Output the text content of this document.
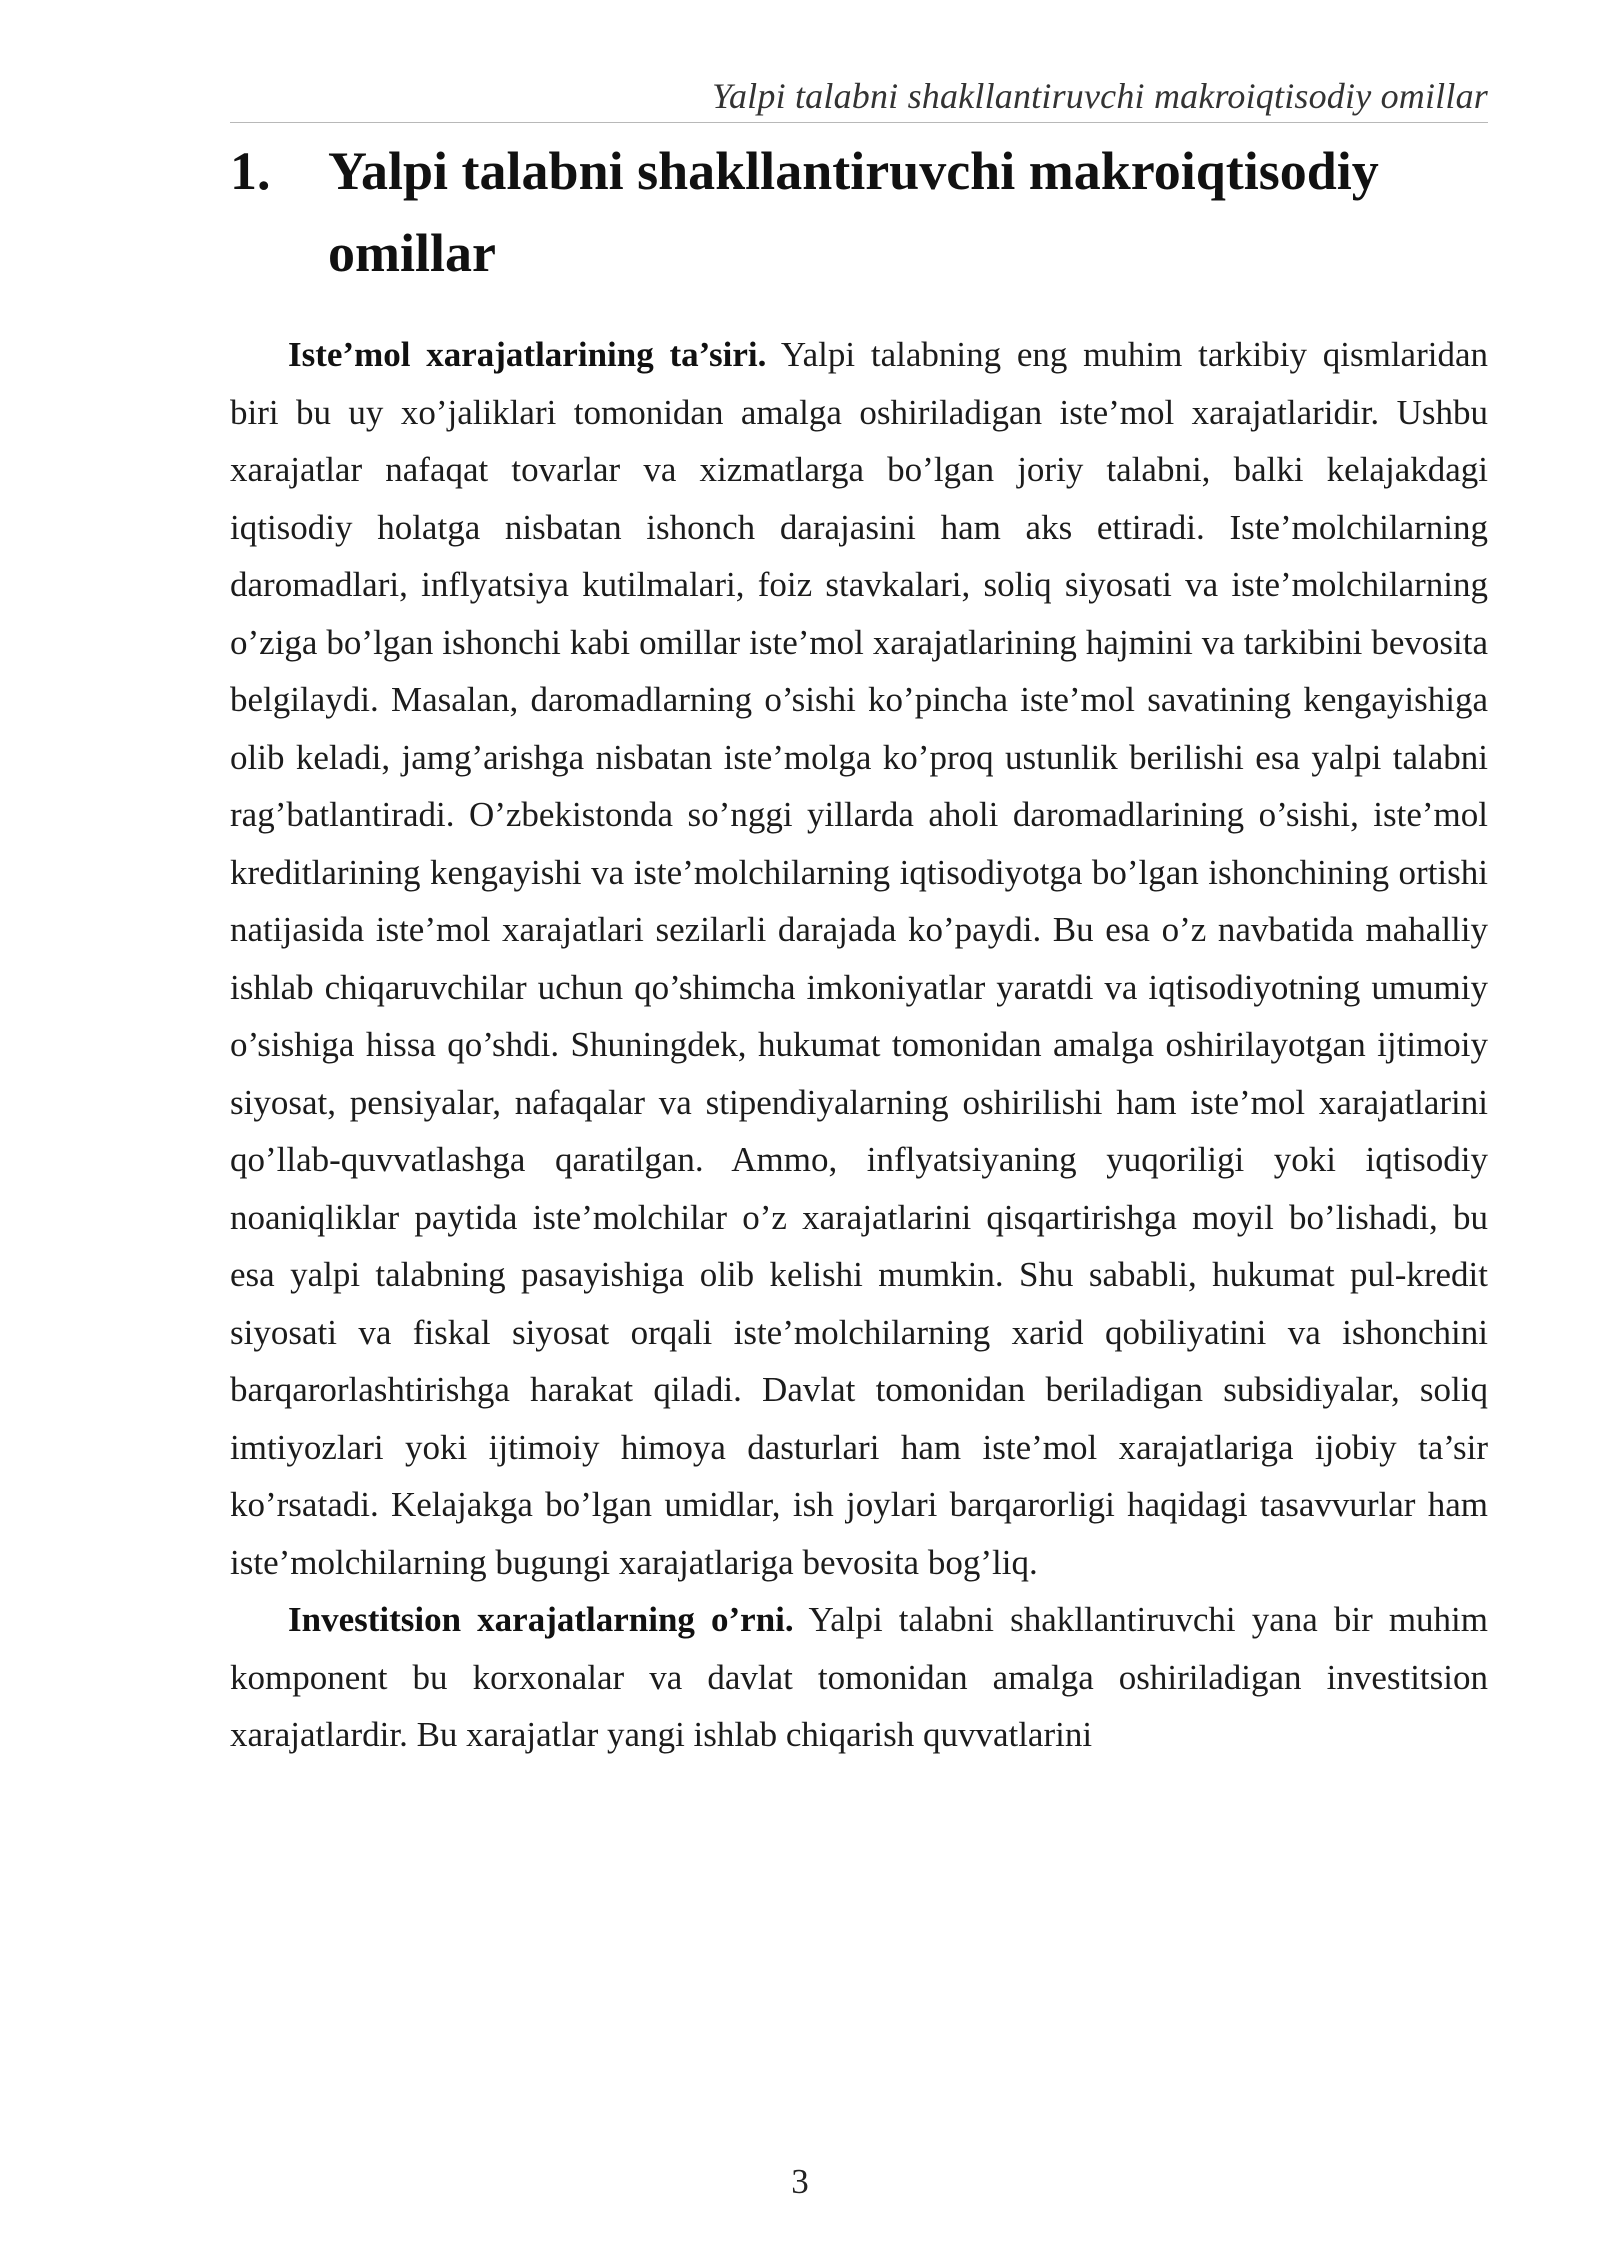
Yalpi talabni shakllantiruvchi makroiqtisodiy omillar
1. Yalpi talabni shakllantiruvchi makroiqtisodiy omillar

Iste’mol xarajatlarining ta’siri. Yalpi talabning eng muhim tarkibiy qismlaridan biri bu uy xo’jaliklari tomonidan amalga oshiriladigan iste’mol xarajatlaridir. Ushbu xarajatlar nafaqat tovarlar va xizmatlarga bo’lgan joriy talabni, balki kelajakdagi iqtisodiy holatga nisbatan ishonch darajasini ham aks ettiradi. Iste’molchilarning daromadlari, inflyatsiya kutilmalari, foiz stavkalari, soliq siyosati va iste’molchilarning o’ziga bo’lgan ishonchi kabi omillar iste’mol xarajatlarining hajmini va tarkibini bevosita belgilaydi. Masalan, daromadlarning o’sishi ko’pincha iste’mol savatining kengayishiga olib keladi, jamg’arishga nisbatan iste’molga ko’proq ustunlik berilishi esa yalpi talabni rag’batlantiradi. O’zbekistonda so’nggi yillarda aholi daromadlarining o’sishi, iste’mol kreditlarining kengayishi va iste’molchilarning iqtisodiyotga bo’lgan ishonchining ortishi natijasida iste’mol xarajatlari sezilarli darajada ko’paydi. Bu esa o’z navbatida mahalliy ishlab chiqaruvchilar uchun qo’shimcha imkoniyatlar yaratdi va iqtisodiyotning umumiy o’sishiga hissa qo’shdi. Shuningdek, hukumat tomonidan amalga oshirilayotgan ijtimoiy siyosat, pensiyalar, nafaqalar va stipendiyalarning oshirilishi ham iste’mol xarajatlarini qo’llab-quvvatlashga qaratilgan. Ammo, inflyatsiyaning yuqoriligi yoki iqtisodiy noaniqliklar paytida iste’molchilar o’z xarajatlarini qisqartirishga moyil bo’lishadi, bu esa yalpi talabning pasayishiga olib kelishi mumkin. Shu sababli, hukumat pul-kredit siyosati va fiskal siyosat orqali iste’molchilarning xarid qobiliyatini va ishonchini barqarorlashtirishga harakat qiladi. Davlat tomonidan beriladigan subsidiyalar, soliq imtiyozlari yoki ijtimoiy himoya dasturlari ham iste’mol xarajatlariga ijobiy ta’sir ko’rsatadi. Kelajakga bo’lgan umidlar, ish joylari barqarorligi haqidagi tasavvurlar ham iste’molchilarning bugungi xarajatlariga bevosita bog’liq.

Investitsion xarajatlarning o’rni. Yalpi talabni shakllantiruvchi yana bir muhim komponent bu korxonalar va davlat tomonidan amalga oshiriladigan investitsion xarajatlardir. Bu xarajatlar yangi ishlab chiqarish quvvatlarini

3
